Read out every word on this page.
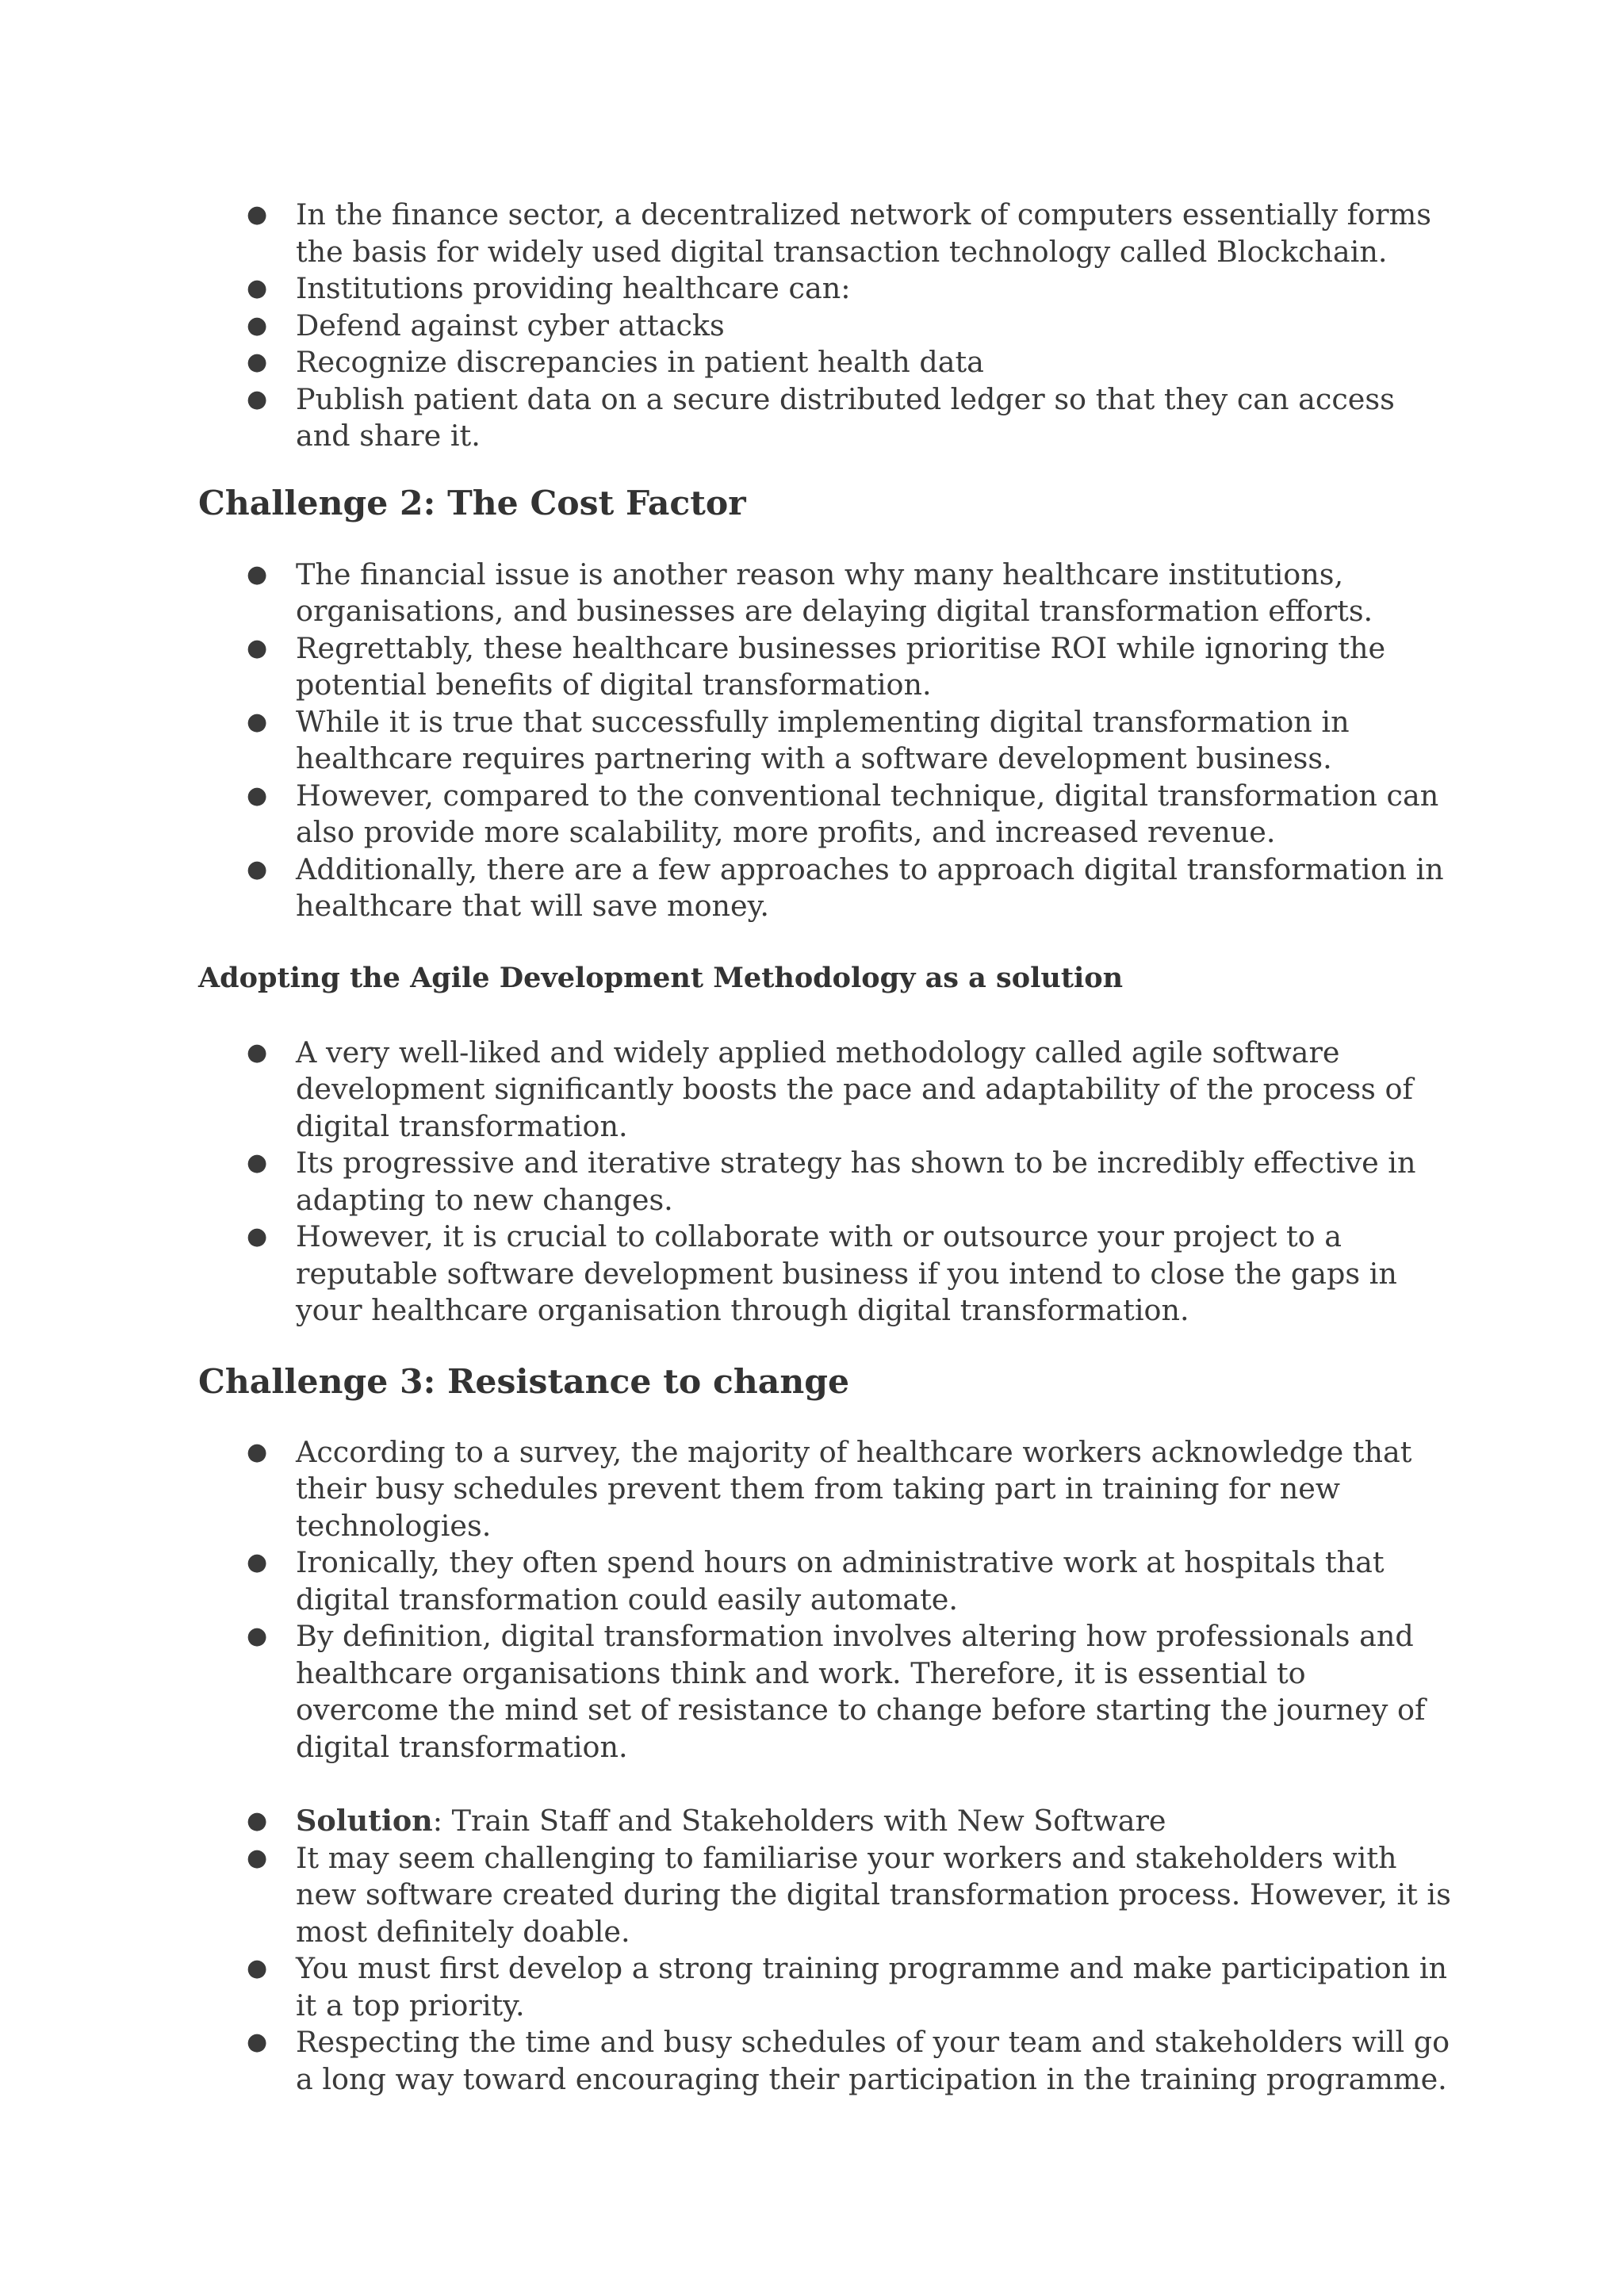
● In the finance sector, a decentralized network of computers essentially forms the basis for widely used digital transaction technology called Blockchain.
● Institutions providing healthcare can:
● Defend against cyber attacks
● Recognize discrepancies in patient health data
● Publish patient data on a secure distributed ledger so that they can access and share it.
Challenge 2: The Cost Factor
● The financial issue is another reason why many healthcare institutions, organisations, and businesses are delaying digital transformation efforts.
● Regrettably, these healthcare businesses prioritise ROI while ignoring the potential benefits of digital transformation.
● While it is true that successfully implementing digital transformation in healthcare requires partnering with a software development business.
● However, compared to the conventional technique, digital transformation can also provide more scalability, more profits, and increased revenue.
● Additionally, there are a few approaches to approach digital transformation in healthcare that will save money.
Adopting the Agile Development Methodology as a solution
● A very well-liked and widely applied methodology called agile software development significantly boosts the pace and adaptability of the process of digital transformation.
● Its progressive and iterative strategy has shown to be incredibly effective in adapting to new changes.
● However, it is crucial to collaborate with or outsource your project to a reputable software development business if you intend to close the gaps in your healthcare organisation through digital transformation.
Challenge 3: Resistance to change
● According to a survey, the majority of healthcare workers acknowledge that their busy schedules prevent them from taking part in training for new technologies.
● Ironically, they often spend hours on administrative work at hospitals that digital transformation could easily automate.
● By definition, digital transformation involves altering how professionals and healthcare organisations think and work. Therefore, it is essential to overcome the mind set of resistance to change before starting the journey of digital transformation.
● Solution: Train Staff and Stakeholders with New Software
● It may seem challenging to familiarise your workers and stakeholders with new software created during the digital transformation process. However, it is most definitely doable.
● You must first develop a strong training programme and make participation in it a top priority.
● Respecting the time and busy schedules of your team and stakeholders will go a long way toward encouraging their participation in the training programme.
